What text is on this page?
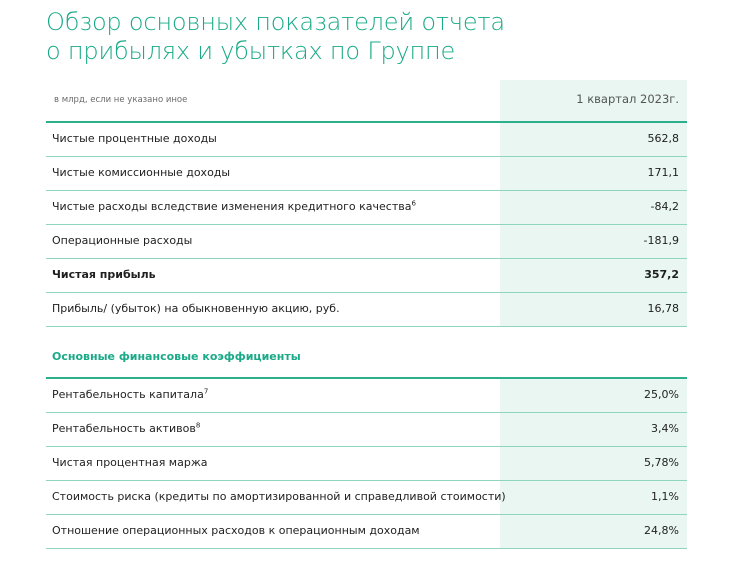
Обзор основных показателей отчета
о прибылях и убытках по Группе
в млрд, если не указано иное	1 квартал 2023г.
Чистые процентные доходы	562,8
Чистые комиссионные доходы	171,1
Чистые расходы вследствие изменения кредитного качества$^6$	-84,2
Операционные расходы	-181,9
Чистая прибыль	357,2
Прибыль/ (убыток) на обыкновенную акцию, руб.	16,78
Основные финансовые коэффициенты
Рентабельность капитала$^7$	25,0%
Рентабельность активов$^8$	3,4%
Чистая процентная маржа	5,78%
Стоимость риска (кредиты по амортизированной и справедливой стоимости)	1,1%
Отношение операционных расходов к операционным доходам	24,8%
